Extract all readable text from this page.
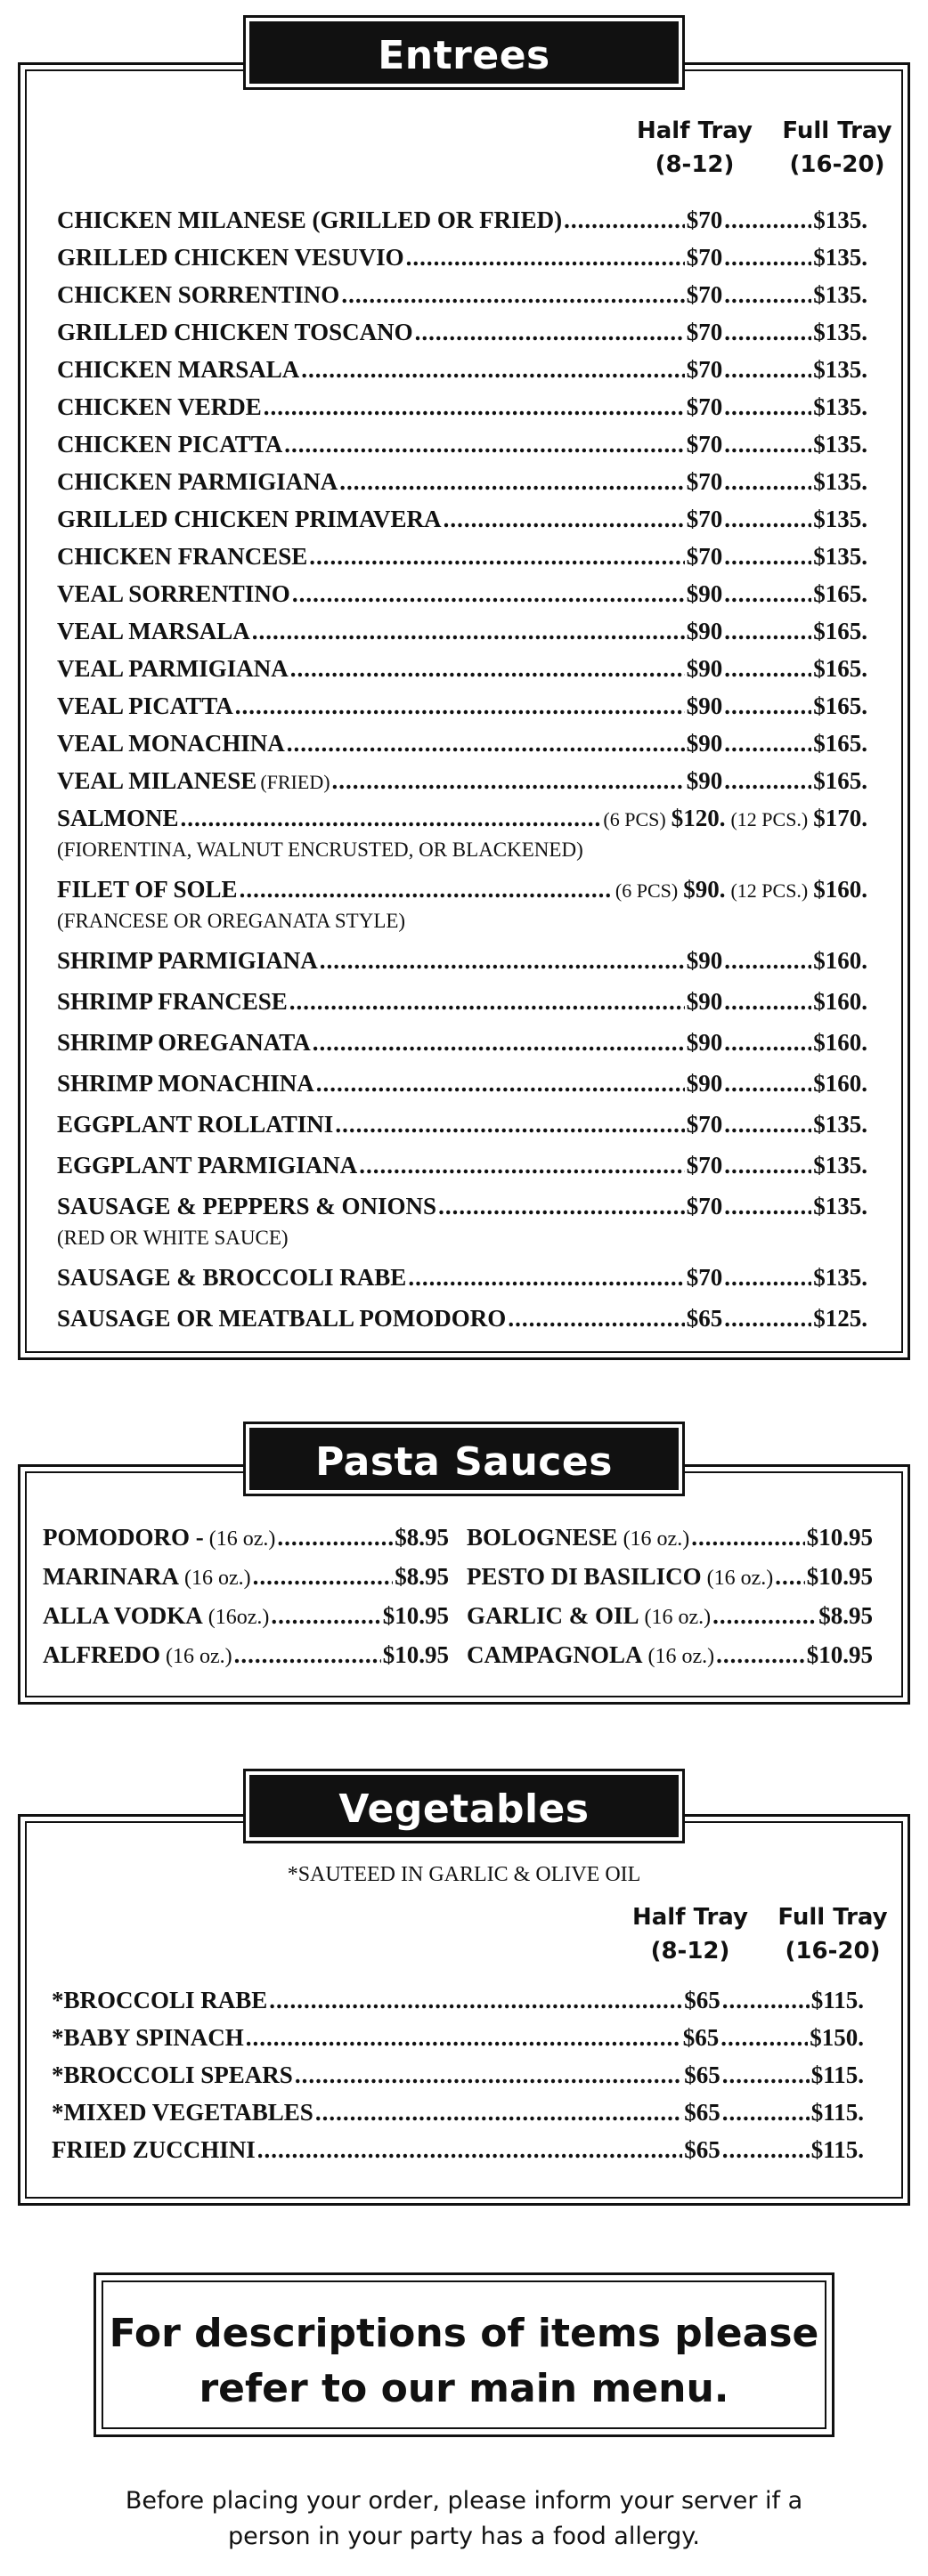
Entrees
Half Tray
(8-12)
Full Tray
(16-20)
CHICKEN MILANESE (GRILLED OR FRIED) .....	$70 .....	$135.
GRILLED CHICKEN VESUVIO .....	$70 .....	$135.
CHICKEN SORRENTINO .....	$70 .....	$135.
GRILLED CHICKEN TOSCANO .....	$70 .....	$135.
CHICKEN MARSALA .....	$70 .....	$135.
CHICKEN VERDE .....	$70 .....	$135.
CHICKEN PICATTA .....	$70 .....	$135.
CHICKEN PARMIGIANA .....	$70 .....	$135.
GRILLED CHICKEN PRIMAVERA .....	$70 .....	$135.
CHICKEN FRANCESE .....	$70 .....	$135.
VEAL SORRENTINO .....	$90 .....	$165.
VEAL MARSALA .....	$90 .....	$165.
VEAL PARMIGIANA .....	$90 .....	$165.
VEAL PICATTA .....	$90 .....	$165.
VEAL MONACHINA .....	$90 .....	$165.
VEAL MILANESE (FRIED) .....	$90 .....	$165.
SALMONE .....	(6 PCS) $120. (12 PCS.) $170.
(FIORENTINA, WALNUT ENCRUSTED, OR BLACKENED)
FILET OF SOLE .....	(6 PCS) $90. (12 PCS.) $160.
(FRANCESE OR OREGANATA STYLE)
SHRIMP PARMIGIANA .....	$90 .....	$160.
SHRIMP FRANCESE .....	$90 .....	$160.
SHRIMP OREGANATA .....	$90 .....	$160.
SHRIMP MONACHINA .....	$90 .....	$160.
EGGPLANT ROLLATINI .....	$70 .....	$135.
EGGPLANT PARMIGIANA .....	$70 .....	$135.
SAUSAGE & PEPPERS & ONIONS .....	$70 .....	$135.
(RED OR WHITE SAUCE)
SAUSAGE & BROCCOLI RABE .....	$70 .....	$135.
SAUSAGE OR MEATBALL POMODORO .....	$65 .....	$125.
Pasta Sauces
POMODORO - (16 oz.) .....	$8.95
MARINARA (16 oz.) .....	$8.95
ALLA VODKA (16oz.) .....	$10.95
ALFREDO (16 oz.) .....	$10.95
BOLOGNESE (16 oz.) .....	$10.95
PESTO DI BASILICO (16 oz.) ..... $10.95
GARLIC & OIL (16 oz.) .....	$8.95
CAMPAGNOLA (16 oz.) .....	$10.95
*SAUTEED IN GARLIC & OLIVE OIL
Vegetables
Half Tray
(8-12)
Full Tray
(16-20)
*BROCCOLI RABE .....	$65 .....	$115.
*BABY SPINACH .....	$65 .....	$150.
*BROCCOLI SPEARS .....	$65 .....	$115.
*MIXED VEGETABLES .....	$65 .....	$115.
FRIED ZUCCHINI .....	$65 .....	$115.
For descriptions of items please
refer to our main menu.
Before placing your order, please inform your server if a
person in your party has a food allergy.
